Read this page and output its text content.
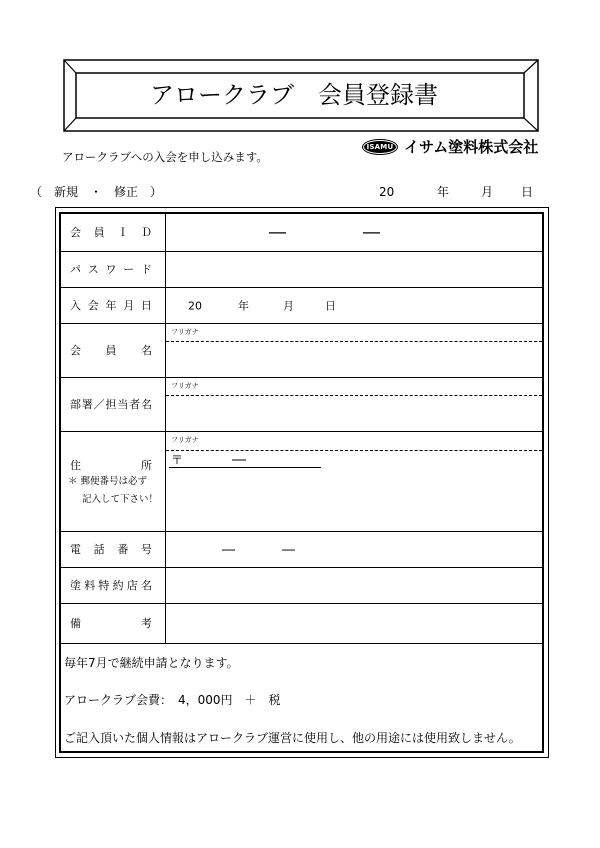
アロークラブ　会員登録書
アロークラブへの入会を申し込みます。
ISAMU イサム塗料株式会社
（　新規　・　修正　）	20	年	月 日
会 員 Ｉ Ｄ	―	―
パ ス ワ ー ド
入 会 年 月 日	20	年	月	日
会 員 名
フリガナ
部 署 ／ 担 当 者 名
フリガナ
住	所
＊ 郵便番号は必ず
記入して下さい！
フリガナ
〒	―
電 話 番 号	―	―
塗 料 特 約 店 名
備	考
毎年7月で継続申請となります。
アロークラブ会費：　4，000円　＋　税
ご記入頂いた個人情報はアロークラブ運営に使用し、他の用途には使用致しません。
